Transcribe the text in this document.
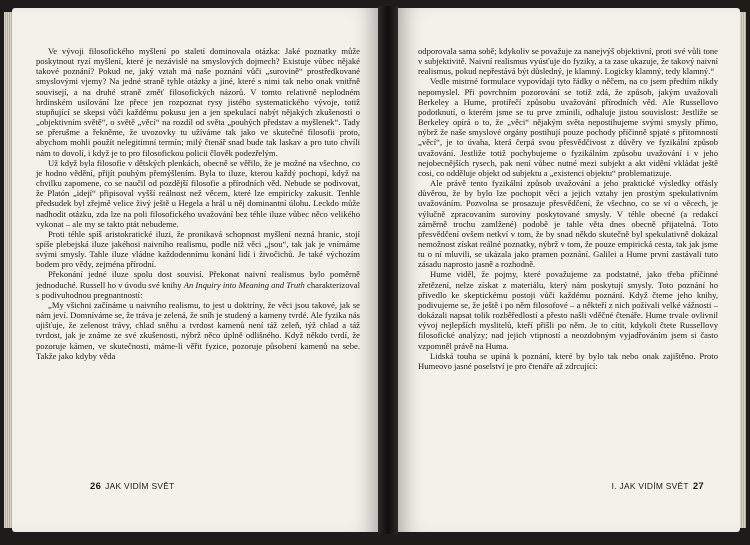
Ve vývoji filosofického myšlení po staletí dominovala otázka: Jaké poznatky může poskytnout ryzí myšlení, které je nezávislé na smyslových dojmech? Existuje vůbec nějaké takové poznání? Pokud ne, jaký vztah má naše poznání vůči „surovině“ prostředkované smyslovými vjemy? Na jedné straně tyhle otázky a jiné, které s nimi tak nebo onak vnitřně souvisejí, a na druhé straně změť filosofických názorů. V tomto relativně neplodném hrdinském usilování lze přece jen rozpoznat rysy jistého systematického vývoje, totiž stupňující se skepsi vůči každému pokusu jen a jen spekulací nabýt nějakých zkušeností o „objektivním světě“, o světě „věcí“ na rozdíl od světa „pouhých představ a myšlenek“. Tady se přerušme a řekněme, že uvozovky tu užíváme tak jako ve skutečné filosofii proto, abychom mohli použít nelegitimní termín; milý čtenář snad bude tak laskav a pro tuto chvíli nám to dovolí, i když je to pro filosofickou policii člověk podezřelým.

Už když byla filosofie v dětských plenkách, obecně se věřilo, že je možné na všechno, co je hodno vědění, přijít pouhým přemýšlením. Byla to iluze, kterou každý pochopí, když na chvilku zapomene, co se naučil od pozdější filosofie a přírodních věd. Nebude se podivovat, že Platón „idejí“ připisoval vyšší reálnost než věcem, které lze empiricky zakusit. Tenhle předsudek byl zřejmě velice živý ještě u Hegela a hrál u něj dominantní úlohu. Leckdo může nadhodit otázku, zda lze na poli filosofického uvažování bez téhle iluze vůbec něco velikého vykonat – ale my se takto ptát nebudeme.

Proti téhle spíš aristokratické iluzi, že pronikavá schopnost myšlení nezná hranic, stojí spíše plebejská iluze jakéhosi naivního realismu, podle níž věci „jsou“, tak jak je vnímáme svými smysly. Tahle iluze vládne každodennímu konání lidí i živočichů. Je také výchozím bodem pro vědy, zejména přírodní.

Překonání jedné iluze spolu dost souvisí. Překonat naivní realismus bylo poměrně jednoduché. Russell ho v úvodu své knihy An Inquiry into Meaning and Truth charakterizoval s podivuhodnou pregnantností:

„My všichni začínáme u naivního realismu, to jest u doktríny, že věci jsou takové, jak se nám jeví. Domníváme se, že tráva je zelená, že sníh je studený a kameny tvrdé. Ale fyzika nás ujišťuje, že zelenost trávy, chlad sněhu a tvrdost kamenů není táž zeleň, týž chlad a táž tvrdost, jak je známe ze své zkušenosti, nýbrž něco úplně odlišného. Když někdo tvrdí, že pozoruje kámen, ve skutečnosti, máme-li věřit fyzice, pozoruje působení kamenů na sebe. Takže jako kdyby věda

26 JAK VIDÍM SVĚT

odporovala sama sobě; kdykoliv se považuje za nanejvýš objektivní, proti své vůli tone v subjektivitě. Naivní realismus vyúsťuje do fyziky, a ta zase ukazuje, že takový naivní realismus, pokud nepřestává být důsledný, je klamný. Logicky klamný, tedy klamný.“

Vedle mistrné formulace vypovídají tyto řádky o něčem, na co jsem předtím nikdy nepomyslel. Při povrchním pozorování se totiž zdá, že způsob, jakým uvažovali Berkeley a Hume, protiřečí způsobu uvažování přírodních věd. Ale Russellovo podotknutí, o kterém jsme se tu prve zmínili, odhaluje jistou souvislost: Jestliže se Berkeley opírá o to, že „věci“ nějakým světa nepostihujeme svými smysly přímo, nýbrž že naše smyslové orgány postihují pouze pochody příčinně spjaté s přítomností „věcí“, je to úvaha, která čerpá svou přesvědčivost z důvěry ve fyzikální způsob uvažování. Jestliže totiž pochybujeme o fyzikálním způsobu uvažování i v jeho nejobecnějších rysech, pak není vůbec nutné mezi subjekt a akt vidění vkládat ještě cosi, co odděluje objekt od subjektu a „existenci objektu“ problematizuje.

Ale právě tento fyzikální způsob uvažování a jeho praktické výsledky otřásly důvěrou, že by bylo lze pochopit věci a jejich vztahy jen prostým spekulativním uvažováním. Pozvolna se prosazuje přesvědčení, že všechno, co se ví o věcech, je výlučně zpracovaním suroviny poskytované smysly. V téhle obecné (a redakcí záměrně trochu zamlžené) podobě je tahle věta dnes obecně přijatelná. Toto přesvědčení ovšem netkví v tom, že by snad někdo skutečně byl spekulativně dokázal nemožnost získat reálné poznatky, nýbrž v tom, že pouze empirická cesta, tak jak jsme tu o ní mluvili, se ukázala jako pramen poznání. Galilei a Hume první zastávali tuto zásadu naprosto jasně a rozhodně.

Hume viděl, že pojmy, které považujeme za podstatné, jako třeba příčinné zřetězení, nelze získat z materiálu, který nám poskytují smysly. Toto poznání ho přivedlo ke skeptickému postoji vůči každému poznání. Když čteme jeho knihy, podivujeme se, že ještě i po něm filosofové – a někteří z nich požívali velké vážnosti – dokázali napsat tolik rozběředlostí a přesto našli vděčné čtenáře. Hume trvale ovlivnil vývoj nejlepších myslitelů, kteří přišli po něm. Je to cítit, kdykoli čtete Russellovy filosofické analýzy; nad jejich vtipností a neozdobným vyjadřováním jsem si často vzpomněl právě na Huma.

Lidská touha se upíná k poznání, které by bylo tak nebo onak zajištěno. Proto Humeovo jasné poselství je pro čtenáře až zdrcující:

I. JAK VIDÍM SVĚT 27
